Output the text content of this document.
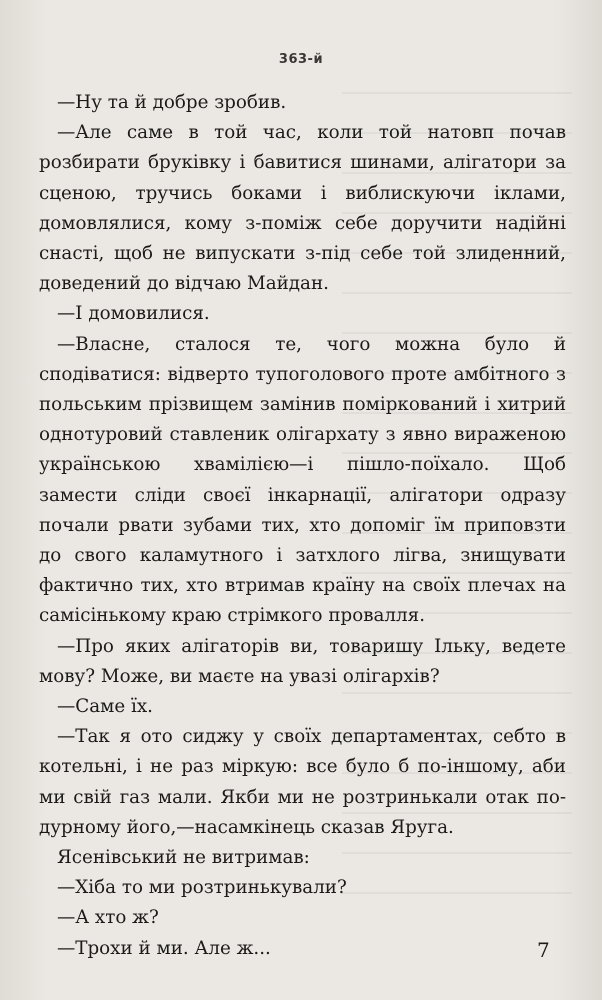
363-й

—Ну та й добре зробив.

—Але саме в той час, коли той натовп почав розбирати бруківку і бавитися шинами, алігатори за сценою, тручись боками і виблискуючи іклами, домовлялися, кому з-поміж себе доручити надійні снасті, щоб не випускати з-під себе той злиденний, доведений до відчаю Майдан.

—І домовилися.

—Власне, сталося те, чого можна було й сподіватися: відверто тупоголового проте амбітного з польським прізвищем замінив поміркований і хитрий однотуровий ставленик олігархату з явно вираженою українською хвамілією—і пішло-поїхало. Щоб замести сліди своєї інкарнації, алігатори одразу почали рвати зубами тих, хто допоміг їм приповзти до свого каламутного і затхлого лігва, знищувати фактично тих, хто втримав країну на своїх плечах на самісінькому краю стрімкого провалля.

—Про яких алігаторів ви, товаришу Ільку, ведете мову? Може, ви маєте на увазі олігархів?

—Саме їх.

—Так я ото сиджу у своїх департаментах, себто в котельні, і не раз міркую: все було б по-іншому, аби ми свій газ мали. Якби ми не розтринькали отак по-дурному його,—насамкінець сказав Яруга.

Ясенівський не витримав:

—Хіба то ми розтринькували?

—А хто ж?

—Трохи й ми. Але ж...	7
